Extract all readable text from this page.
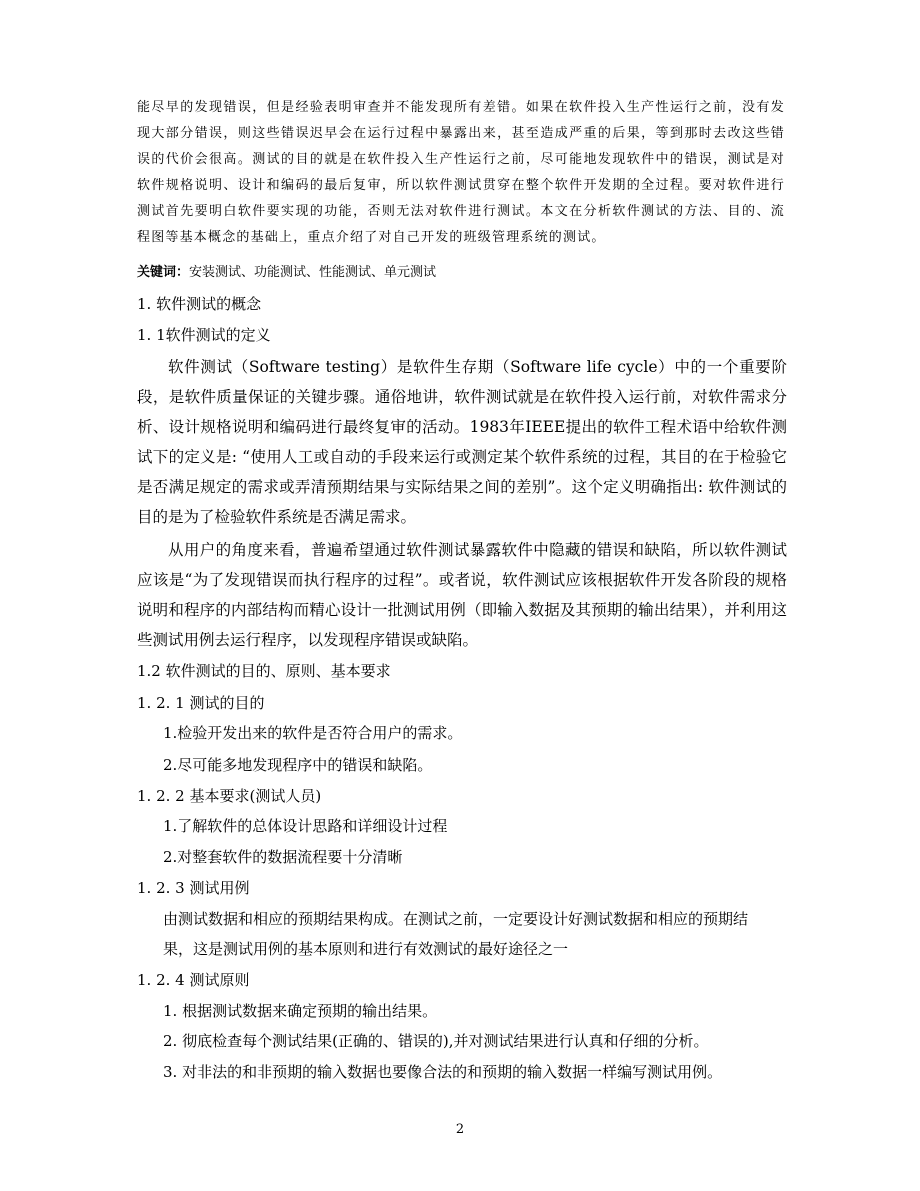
能尽早的发现错误，但是经验表明审查并不能发现所有差错。如果在软件投入生产性运行之前，没有发现大部分错误，则这些错误迟早会在运行过程中暴露出来，甚至造成严重的后果，等到那时去改这些错误的代价会很高。测试的目的就是在软件投入生产性运行之前，尽可能地发现软件中的错误，测试是对软件规格说明、设计和编码的最后复审，所以软件测试贯穿在整个软件开发期的全过程。要对软件进行测试首先要明白软件要实现的功能，否则无法对软件进行测试。本文在分析软件测试的方法、目的、流程图等基本概念的基础上，重点介绍了对自己开发的班级管理系统的测试。
关键词：安装测试、功能测试、性能测试、单元测试
1. 软件测试的概念
1. 1软件测试的定义
软件测试（Software testing）是软件生存期（Software life cycle）中的一个重要阶段，是软件质量保证的关键步骤。通俗地讲，软件测试就是在软件投入运行前，对软件需求分析、设计规格说明和编码进行最终复审的活动。1983年IEEE提出的软件工程术语中给软件测试下的定义是: “使用人工或自动的手段来运行或测定某个软件系统的过程，其目的在于检验它是否满足规定的需求或弄清预期结果与实际结果之间的差别”。这个定义明确指出: 软件测试的目的是为了检验软件系统是否满足需求。
从用户的角度来看，普遍希望通过软件测试暴露软件中隐藏的错误和缺陷，所以软件测试应该是“为了发现错误而执行程序的过程”。或者说，软件测试应该根据软件开发各阶段的规格说明和程序的内部结构而精心设计一批测试用例（即输入数据及其预期的输出结果），并利用这些测试用例去运行程序，以发现程序错误或缺陷。
1.2 软件测试的目的、原则、基本要求
1. 2. 1 测试的目的
1.检验开发出来的软件是否符合用户的需求。
2.尽可能多地发现程序中的错误和缺陷。
1. 2. 2 基本要求(测试人员)
1.了解软件的总体设计思路和详细设计过程
2.对整套软件的数据流程要十分清晰
1. 2. 3 测试用例
由测试数据和相应的预期结果构成。在测试之前，一定要设计好测试数据和相应的预期结
果，这是测试用例的基本原则和进行有效测试的最好途径之一
1. 2. 4 测试原则
1. 根据测试数据来确定预期的输出结果。
2. 彻底检查每个测试结果(正确的、错误的),并对测试结果进行认真和仔细的分析。
3. 对非法的和非预期的输入数据也要像合法的和预期的输入数据一样编写测试用例。
2
